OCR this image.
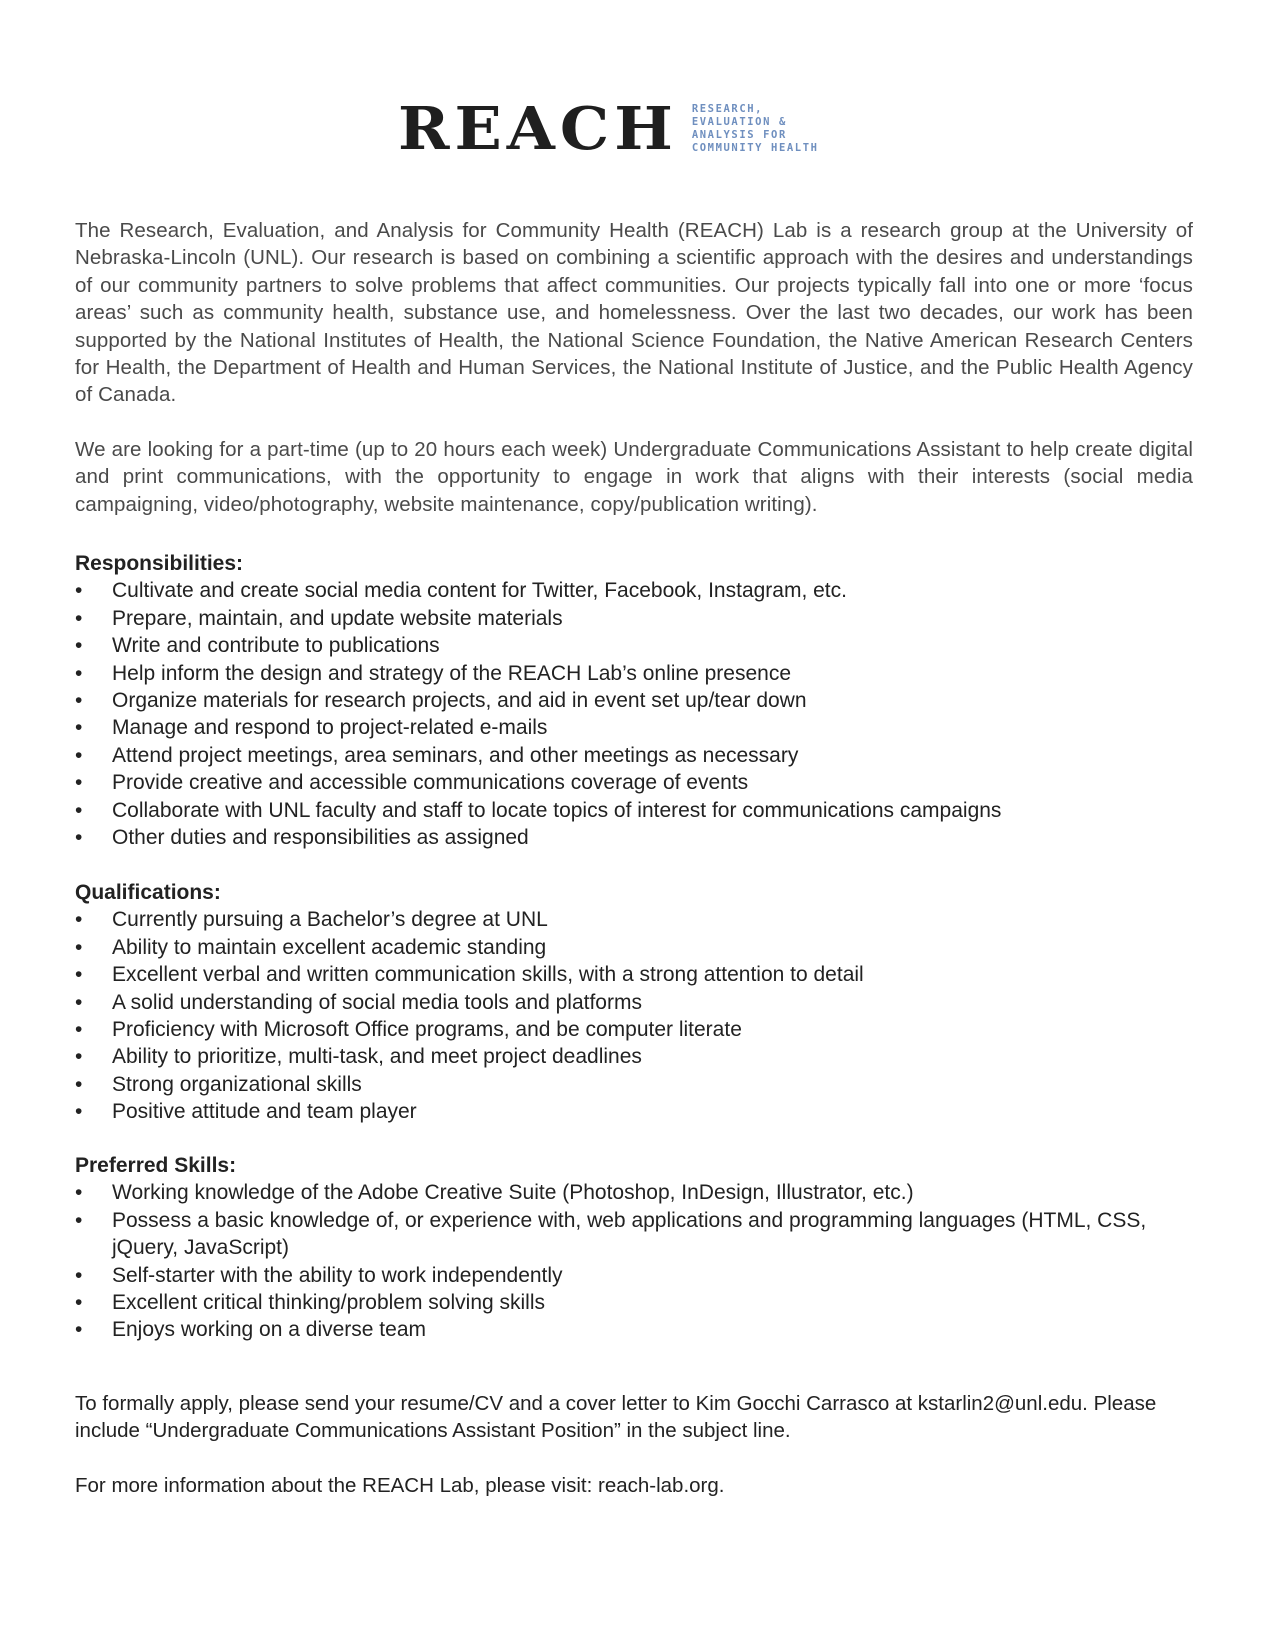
REACH RESEARCH,
EVALUATION &
ANALYSIS FOR
COMMUNITY HEALTH

The Research, Evaluation, and Analysis for Community Health (REACH) Lab is a research group at the University of Nebraska-Lincoln (UNL). Our research is based on combining a scientific approach with the desires and understandings of our community partners to solve problems that affect communities. Our projects typically fall into one or more ‘focus areas’ such as community health, substance use, and homelessness. Over the last two decades, our work has been supported by the National Institutes of Health, the National Science Foundation, the Native American Research Centers for Health, the Department of Health and Human Services, the National Institute of Justice, and the Public Health Agency of Canada.

We are looking for a part-time (up to 20 hours each week) Undergraduate Communications Assistant to help create digital and print communications, with the opportunity to engage in work that aligns with their interests (social media campaigning, video/photography, website maintenance, copy/publication writing).

Responsibilities:
•	Cultivate and create social media content for Twitter, Facebook, Instagram, etc.
•	Prepare, maintain, and update website materials
•	Write and contribute to publications
•	Help inform the design and strategy of the REACH Lab’s online presence
•	Organize materials for research projects, and aid in event set up/tear down
•	Manage and respond to project-related e-mails
•	Attend project meetings, area seminars, and other meetings as necessary
•	Provide creative and accessible communications coverage of events
•	Collaborate with UNL faculty and staff to locate topics of interest for communications campaigns
•	Other duties and responsibilities as assigned
Qualifications:
•	Currently pursuing a Bachelor’s degree at UNL
•	Ability to maintain excellent academic standing
•	Excellent verbal and written communication skills, with a strong attention to detail
•	A solid understanding of social media tools and platforms
•	Proficiency with Microsoft Office programs, and be computer literate
•	Ability to prioritize, multi-task, and meet project deadlines
•	Strong organizational skills
•	Positive attitude and team player
Preferred Skills:
•	Working knowledge of the Adobe Creative Suite (Photoshop, InDesign, Illustrator, etc.)
•	Possess a basic knowledge of, or experience with, web applications and programming languages (HTML, CSS, jQuery, JavaScript)
•	Self-starter with the ability to work independently
•	Excellent critical thinking/problem solving skills
•	Enjoys working on a diverse team

To formally apply, please send your resume/CV and a cover letter to Kim Gocchi Carrasco at kstarlin2@unl.edu. Please include “Undergraduate Communications Assistant Position” in the subject line.

For more information about the REACH Lab, please visit: reach-lab.org.
